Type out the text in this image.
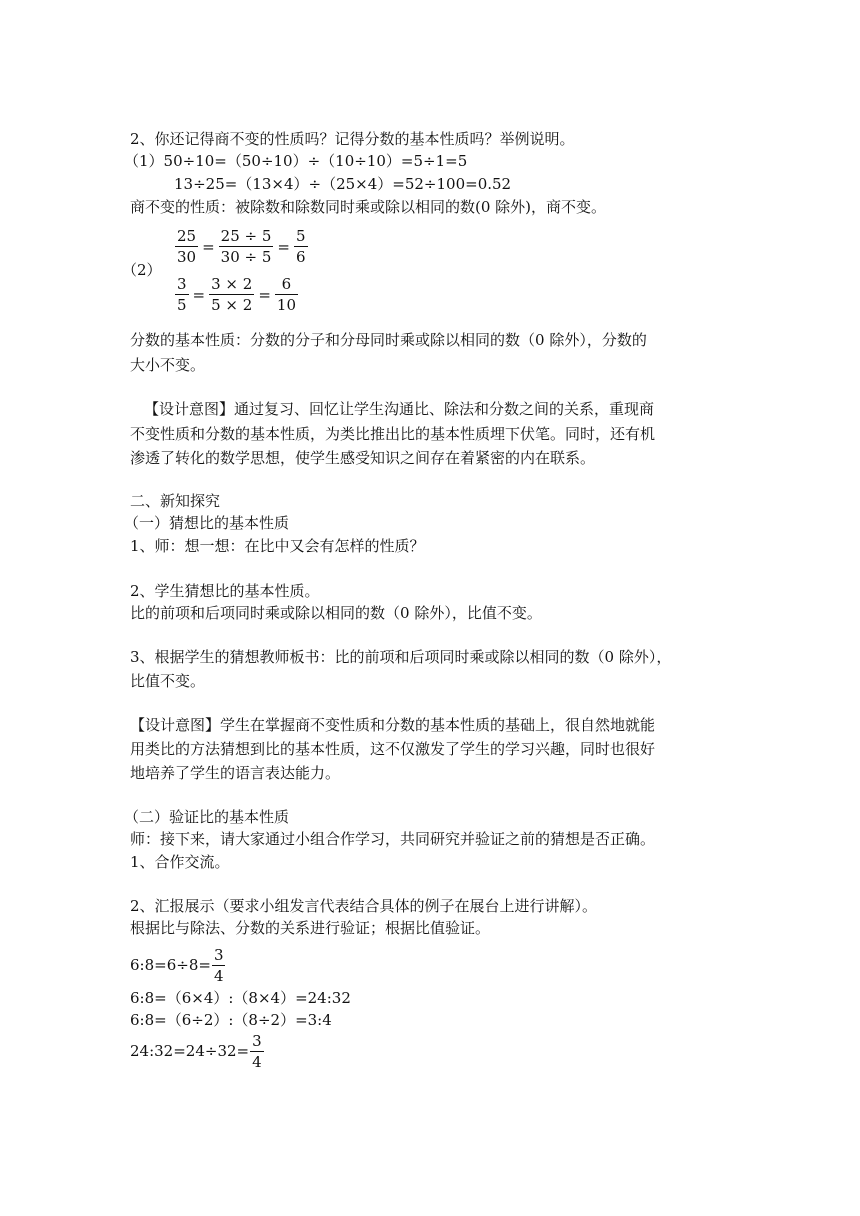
2、你还记得商不变的性质吗？记得分数的基本性质吗？举例说明。
（1）50÷10=（50÷10）÷（10÷10）=5÷1=5
13÷25=（13×4）÷（25×4）=52÷100=0.52
商不变的性质：被除数和除数同时乘或除以相同的数(0 除外)，商不变。
（2）
$\frac{25}{30} = \frac{25 \div 5}{30 \div 5} = \frac{5}{6}$
$\frac{3}{5} = \frac{3 \times 2}{5 \times 2} = \frac{6}{10}$
分数的基本性质：分数的分子和分母同时乘或除以相同的数（0 除外），分数的
大小不变。
【设计意图】通过复习、回忆让学生沟通比、除法和分数之间的关系，重现商
不变性质和分数的基本性质，为类比推出比的基本性质埋下伏笔。同时，还有机
渗透了转化的数学思想，使学生感受知识之间存在着紧密的内在联系。
二、新知探究
（一）猜想比的基本性质
1、师：想一想：在比中又会有怎样的性质？
2、学生猜想比的基本性质。
比的前项和后项同时乘或除以相同的数（0 除外），比值不变。
3、根据学生的猜想教师板书：比的前项和后项同时乘或除以相同的数（0 除外），
比值不变。
【设计意图】学生在掌握商不变性质和分数的基本性质的基础上，很自然地就能
用类比的方法猜想到比的基本性质，这不仅激发了学生的学习兴趣，同时也很好
地培养了学生的语言表达能力。
（二）验证比的基本性质
师：接下来，请大家通过小组合作学习，共同研究并验证之前的猜想是否正确。
1、合作交流。
2、汇报展示（要求小组发言代表结合具体的例子在展台上进行讲解）。
根据比与除法、分数的关系进行验证；根据比值验证。
6:8=6÷8= $\frac{3}{4}$
6:8=（6×4）:（8×4）=24:32
6:8=（6÷2）:（8÷2）=3:4
24:32=24÷32= $\frac{3}{4}$
